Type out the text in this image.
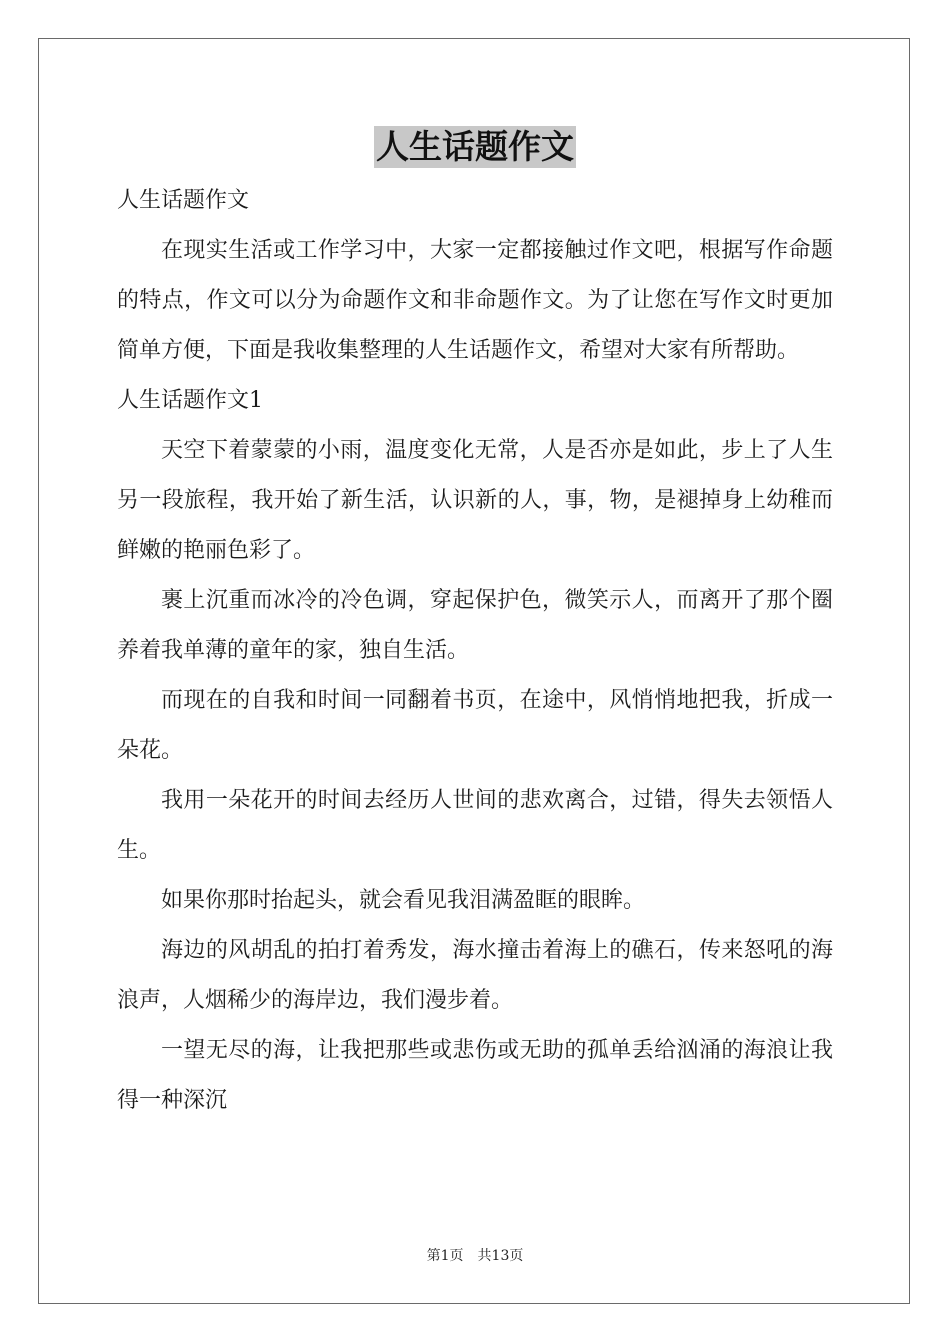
人生话题作文

人生话题作文

在现实生活或工作学习中，大家一定都接触过作文吧，根据写作命题的特点，作文可以分为命题作文和非命题作文。为了让您在写作文时更加简单方便，下面是我收集整理的人生话题作文，希望对大家有所帮助。

人生话题作文1

天空下着蒙蒙的小雨，温度变化无常，人是否亦是如此，步上了人生另一段旅程，我开始了新生活，认识新的人，事，物，是褪掉身上幼稚而鲜嫩的艳丽色彩了。

裹上沉重而冰冷的冷色调，穿起保护色，微笑示人，而离开了那个圈养着我单薄的童年的家，独自生活。

而现在的自我和时间一同翻着书页，在途中，风悄悄地把我，折成一朵花。

我用一朵花开的时间去经历人世间的悲欢离合，过错，得失去领悟人生。

如果你那时抬起头，就会看见我泪满盈眶的眼眸。

海边的风胡乱的拍打着秀发，海水撞击着海上的礁石，传来怒吼的海浪声，人烟稀少的海岸边，我们漫步着。

一望无尽的海，让我把那些或悲伤或无助的孤单丢给汹涌的海浪让我得一种深沉

第1页 共13页
